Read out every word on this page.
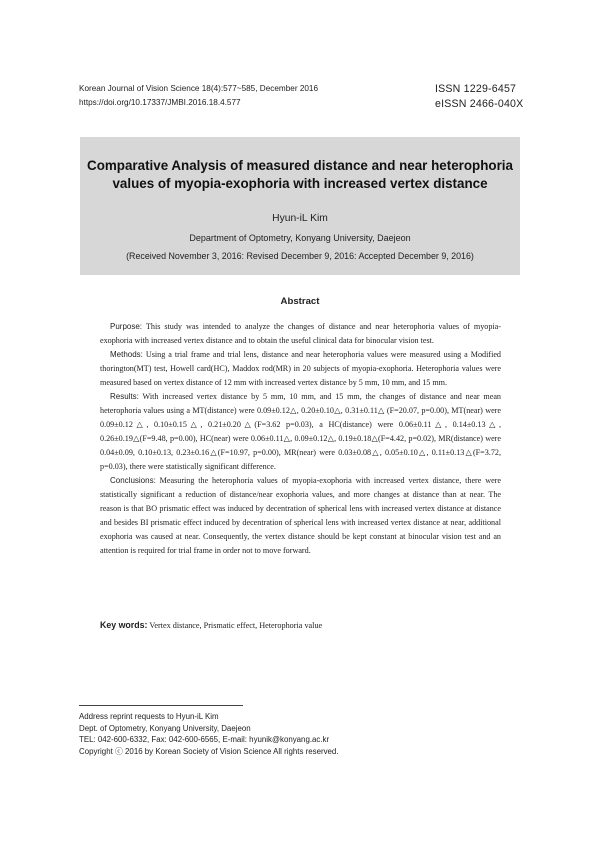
Korean Journal of Vision Science 18(4):577~585, December 2016
https://doi.org/10.17337/JMBI.2016.18.4.577
ISSN 1229-6457
eISSN 2466-040X
Comparative Analysis of measured distance and near heterophoria values of myopia-exophoria with increased vertex distance
Hyun-iL Kim
Department of Optometry, Konyang University, Daejeon
(Received November 3, 2016: Revised December 9, 2016: Accepted December 9, 2016)
Abstract

Purpose: This study was intended to analyze the changes of distance and near heterophoria values of myopia-exophoria with increased vertex distance and to obtain the useful clinical data for binocular vision test.

Methods: Using a trial frame and trial lens, distance and near heterophoria values were measured using a Modified thorington(MT) test, Howell card(HC), Maddox rod(MR) in 20 subjects of myopia-exophoria. Heterophoria values were measured based on vertex distance of 12 mm with increased vertex distance by 5 mm, 10 mm, and 15 mm.

Results: With increased vertex distance by 5 mm, 10 mm, and 15 mm, the changes of distance and near mean heterophoria values using a MT(distance) were 0.09±0.12△, 0.20±0.10△, 0.31±0.11△ (F=20.07, p=0.00), MT(near) were 0.09±0.12△, 0.10±0.15△, 0.21±0.20△(F=3.62 p=0.03), a HC(distance) were 0.06±0.11△, 0.14±0.13△, 0.26±0.19△(F=9.48, p=0.00), HC(near) were 0.06±0.11△, 0.09±0.12△, 0.19±0.18△(F=4.42, p=0.02), MR(distance) were 0.04±0.09, 0.10±0.13, 0.23±0.16△(F=10.97, p=0.00), MR(near) were 0.03±0.08△, 0.05±0.10△, 0.11±0.13△(F=3.72, p=0.03), there were statistically significant difference.

Conclusions: Measuring the heterophoria values of myopia-exophoria with increased vertex distance, there were statistically significant a reduction of distance/near exophoria values, and more changes at distance than at near. The reason is that BO prismatic effect was induced by decentration of spherical lens with increased vertex distance at distance and besides BI prismatic effect induced by decentration of spherical lens with increased vertex distance at near, additional exophoria was caused at near. Consequently, the vertex distance should be kept constant at binocular vision test and an attention is required for trial frame in order not to move forward.

Key words: Vertex distance, Prismatic effect, Heterophoria value
Address reprint requests to Hyun-iL Kim
Dept. of Optometry, Konyang University, Daejeon
TEL: 042-600-6332, Fax: 042-600-6565, E-mail: hyunik@konyang.ac.kr
Copyright ⓒ 2016 by Korean Society of Vision Science All rights reserved.
